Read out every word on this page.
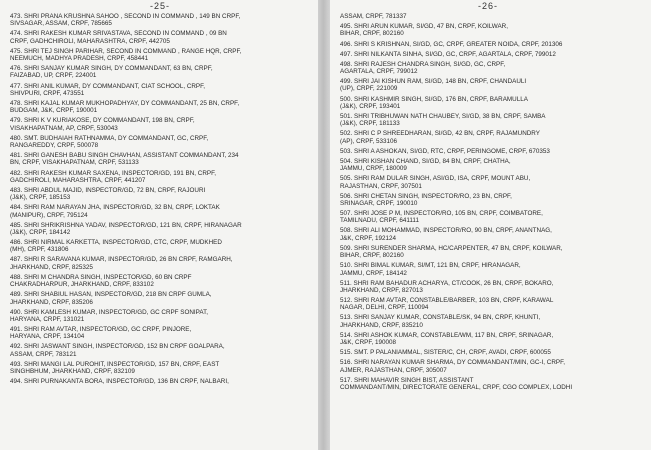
-25-
473. SHRI PRANA KRUSHNA SAHOO , SECOND IN COMMAND , 149 BN CRPF,
SIVSAGAR, ASSAM, CRPF, 785665
474. SHRI RAKESH KUMAR SRIVASTAVA, SECOND IN COMMAND , 09 BN
CRPF, GADHCHIROLI, MAHARASHTRA, CRPF, 442705
475. SHRI TEJ SINGH PARIHAR, SECOND IN COMMAND , RANGE HQR, CRPF,
NEEMUCH, MADHYA PRADESH, CRPF, 458441
476. SHRI SANJAY KUMAR SINGH, DY COMMANDANT, 63 BN, CRPF,
FAIZABAD, UP, CRPF, 224001
477. SHRI ANIL KUMAR, DY COMMANDANT, CIAT SCHOOL, CRPF,
SHIVPURI, CRPF, 473551
478. SHRI KAJAL KUMAR MUKHOPADHYAY, DY COMMANDANT, 25 BN, CRPF,
BUDGAM, J&K, CRPF, 190001
479. SHRI K V KURIAKOSE, DY COMMANDANT, 198 BN, CRPF,
VISAKHAPATNAM, AP, CRPF, 530043
480. SMT. BUDHAIAH RATHNAMMA, DY COMMANDANT, GC, CRPF,
RANGAREDDY, CRPF, 500078
481. SHRI GANESH BABU SINGH CHAVHAN, ASSISTANT COMMANDANT, 234
BN, CRPF, VISAKHAPATNAM, CRPF, 531133
482. SHRI RAKESH KUMAR SAXENA, INSPECTOR/GD, 191 BN, CRPF,
GADCHIROLI, MAHARASHTRA, CRPF, 441207
483. SHRI ABDUL MAJID, INSPECTOR/GD, 72 BN, CRPF, RAJOURI
(J&K), CRPF, 185153
484. SHRI RAM NARAYAN JHA, INSPECTOR/GD, 32 BN, CRPF, LOKTAK
(MANIPUR), CRPF, 795124
485. SHRI SHRIKRISHNA YADAV, INSPECTOR/GD, 121 BN, CRPF, HIRANAGAR
(J&K), CRPF, 184142
486. SHRI NIRMAL KARKETTA, INSPECTOR/GD, CTC, CRPF, MUDKHED
(MH), CRPF, 431806
487. SHRI R SARAVANA KUMAR, INSPECTOR/GD, 26 BN CRPF, RAMGARH,
JHARKHAND, CRPF, 825325
488. SHRI M CHANDRA SINGH, INSPECTOR/GD, 60 BN CRPF
CHAKRADHARPUR, JHARKHAND, CRPF, 833102
489. SHRI SHABIUL HASAN, INSPECTOR/GD, 218 BN CRPF GUMLA,
JHARKHAND, CRPF, 835206
490. SHRI KAMLESH KUMAR, INSPECTOR/GD, GC CRPF SONIPAT,
HARYANA, CRPF, 131021
491. SHRI RAM AVTAR, INSPECTOR/GD, GC CRPF, PINJORE,
HARYANA, CRPF, 134104
492. SHRI JASWANT SINGH, INSPECTOR/GD, 152 BN CRPF GOALPARA,
ASSAM, CRPF, 783121
493. SHRI MANGI LAL PUROHIT, INSPECTOR/GD, 157 BN, CRPF, EAST
SINGHBHUM, JHARKHAND, CRPF, 832109
494. SHRI PURNAKANTA BORA, INSPECTOR/GD, 136 BN CRPF, NALBARI,
-26-
ASSAM, CRPF, 781337
495. SHRI ARUN KUMAR, SI/GD, 47 BN, CRPF, KOILWAR,
BIHAR, CRPF, 802160
496. SHRI S KRISHNAN, SI/GD, GC, CRPF, GREATER NOIDA, CRPF, 201306
497. SHRI NILKANTA SINHA, SI/GD, GC, CRPF, AGARTALA, CRPF, 799012
498. SHRI RAJESH CHANDRA SINGH, SI/GD, GC, CRPF,
AGARTALA, CRPF, 799012
499. SHRI JAI KISHUN RAM, SI/GD, 148 BN, CRPF, CHANDAULI
(UP), CRPF, 221009
500. SHRI KASHMIR SINGH, SI/GD, 176 BN, CRPF, BARAMULLA
(J&K), CRPF, 193401
501. SHRI TRIBHUWAN NATH CHAUBEY, SI/GD, 38 BN, CRPF, SAMBA
(J&K), CRPF, 181133
502. SHRI C P SHREEDHARAN, SI/GD, 42 BN, CRPF, RAJAMUNDRY
(AP), CRPF, 533106
503. SHRI A ASHOKAN, SI/GD, RTC, CRPF, PERINGOME, CRPF, 670353
504. SHRI KISHAN CHAND, SI/GD, 84 BN, CRPF, CHATHA,
JAMMU, CRPF, 180009
505. SHRI RAM DULAR SINGH, ASI/GD, ISA, CRPF, MOUNT ABU,
RAJASTHAN, CRPF, 307501
506. SHRI CHETAN SINGH, INSPECTOR/RO, 23 BN, CRPF,
SRINAGAR, CRPF, 190010
507. SHRI JOSE P M, INSPECTOR/RO, 105 BN, CRPF, COIMBATORE,
TAMILNADU, CRPF, 641111
508. SHRI ALI MOHAMMAD, INSPECTOR/RO, 90 BN, CRPF, ANANTNAG,
J&K, CRPF, 192124
509. SHRI SURENDER SHARMA, HC/CARPENTER, 47 BN, CRPF, KOILWAR,
BIHAR, CRPF, 802160
510. SHRI BIMAL KUMAR, SI/MT, 121 BN, CRPF, HIRANAGAR,
JAMMU, CRPF, 184142
511. SHRI RAM BAHADUR ACHARYA, CT/COOK, 26 BN, CRPF, BOKARO,
JHARKHAND, CRPF, 827013
512. SHRI RAM AVTAR, CONSTABLE/BARBER, 103 BN, CRPF, KARAWAL
NAGAR, DELHI, CRPF, 110094
513. SHRI SANJAY KUMAR, CONSTABLE/SK, 94 BN, CRPF, KHUNTI,
JHARKHAND, CRPF, 835210
514. SHRI ASHOK KUMAR, CONSTABLE/WM, 117 BN, CRPF, SRINAGAR,
J&K, CRPF, 190008
515. SMT. P PALANIAMMAL, SISTER/C, CH, CRPF, AVADI, CRPF, 600055
516. SHRI NARAYAN KUMAR SHARMA, DY COMMANDANT/MIN, GC-I, CRPF,
AJMER, RAJASTHAN, CRPF, 305007
517. SHRI MAHAVIR SINGH BIST, ASSISTANT
COMMANDANT/MIN, DIRECTORATE GENERAL, CRPF, CGO COMPLEX, LODHI
